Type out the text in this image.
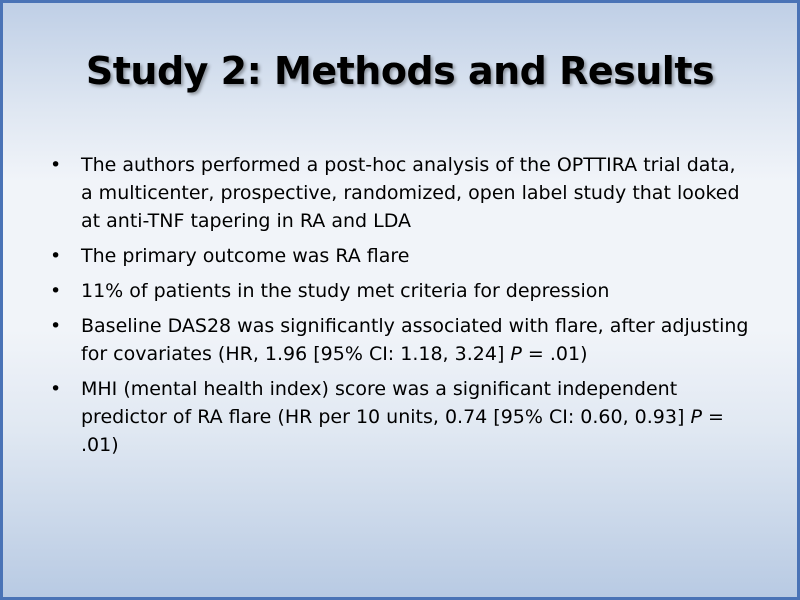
Study 2: Methods and Results
•	The authors performed a post-hoc analysis of the OPTTIRA trial data, a multicenter, prospective, randomized, open label study that looked at anti-TNF tapering in RA and LDA
•	The primary outcome was RA flare
•	11% of patients in the study met criteria for depression
•	Baseline DAS28 was significantly associated with flare, after adjusting for covariates (HR, 1.96 [95% CI: 1.18, 3.24] P = .01)
•	MHI (mental health index) score was a significant independent predictor of RA flare (HR per 10 units, 0.74 [95% CI: 0.60, 0.93] P = .01)
